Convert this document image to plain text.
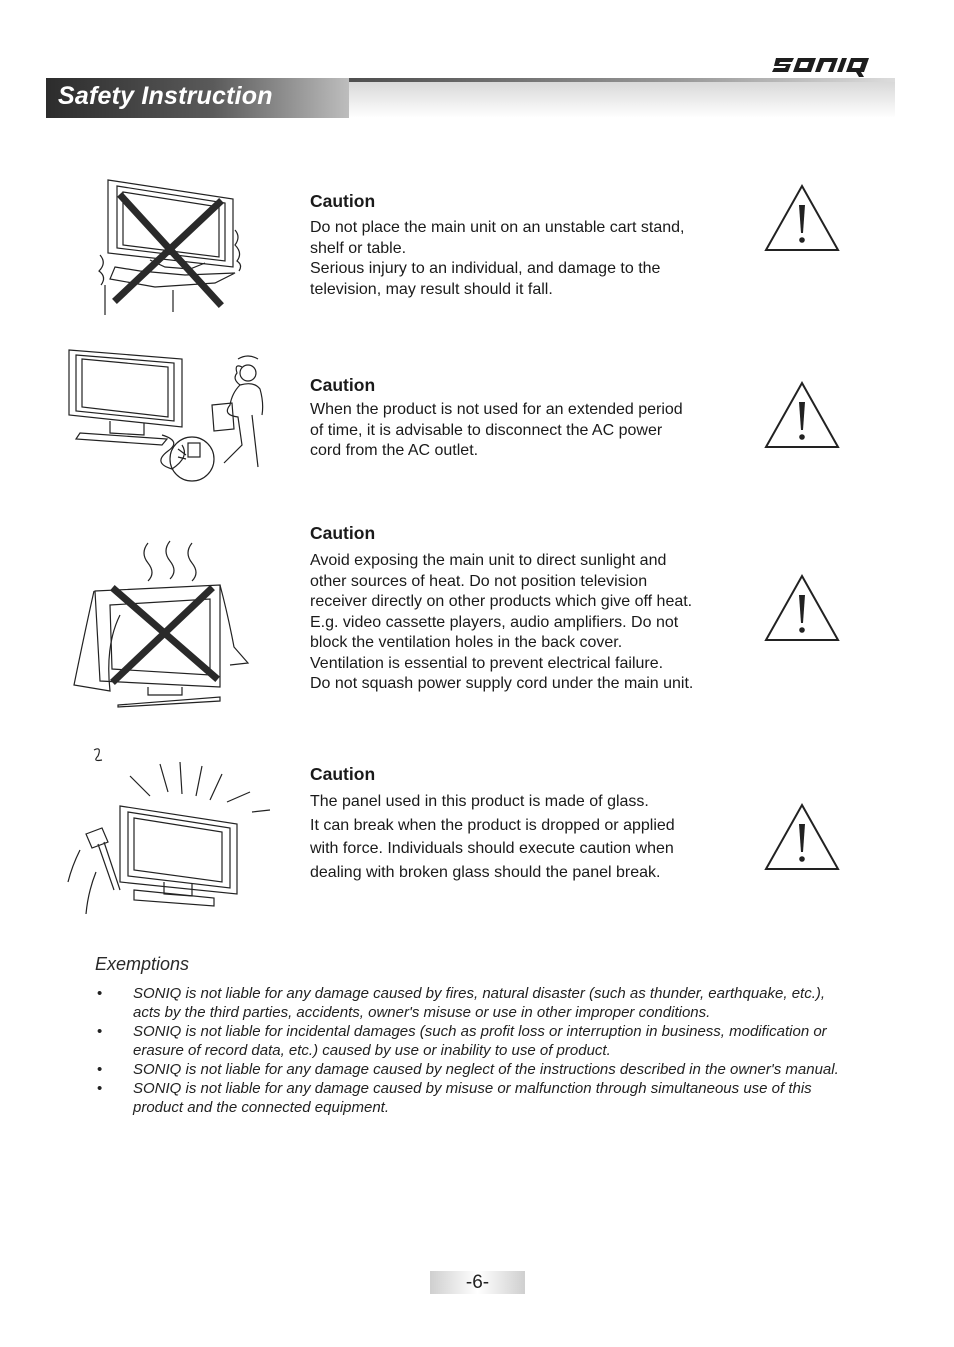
Safety Instruction
Caution
Do not place the main unit on an unstable cart stand,
shelf or table.
Serious injury to an individual, and damage to the
television, may result should it fall.
Caution
When the product is not used for an extended period
of time, it is advisable to disconnect the AC power
cord from the AC outlet.
Caution
Avoid exposing the main unit to direct sunlight and
other sources of heat. Do not position television
receiver directly on other products which give off heat.
E.g. video cassette players, audio amplifiers. Do not
block the ventilation holes in the back cover.
Ventilation is essential to prevent electrical failure.
Do not squash power supply cord under the main unit.
Caution
The panel used in this product is made of glass.
It can break when the product is dropped or applied
with force. Individuals should execute caution when
dealing with broken glass should the panel break.
Exemptions
• SONIQ is not liable for any damage caused by fires, natural disaster (such as thunder, earthquake, etc.), acts by the third parties, accidents, owner's misuse or use in other improper conditions.
• SONIQ is not liable for incidental damages (such as profit loss or interruption in business, modification or erasure of record data, etc.) caused by use or inability to use of product.
• SONIQ is not liable for any damage caused by neglect of the instructions described in the owner's manual.
• SONIQ is not liable for any damage caused by misuse or malfunction through simultaneous use of this product and the connected equipment.
-6-
